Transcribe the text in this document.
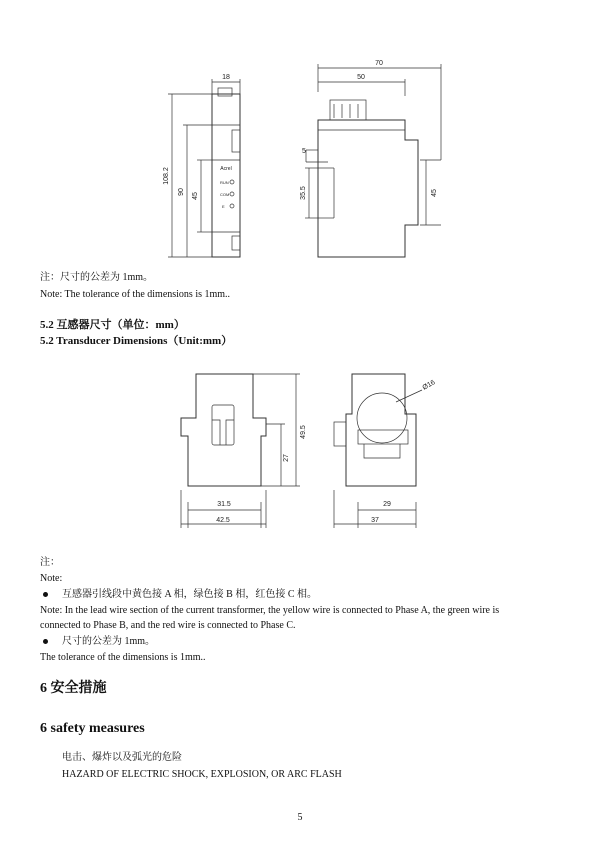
18
108.2
90
45
Acrel
RUN
COM
E
70
50
5
35.5	45
注：尺寸的公差为 1mm。
Note: The tolerance of the dimensions is 1mm..
5.2 互感器尺寸（单位：mm）
5.2 Transducer Dimensions（Unit:mm）
49.5
27
31.5
42.5
Ø16
29
37
注：
Note:
互感器引线段中黄色接 A 相，绿色接 B 相，红色接 C 相。
Note: In the lead wire section of the current transformer, the yellow wire is connected to Phase A, the green wire is
connected to Phase B, and the red wire is connected to Phase C.
尺寸的公差为 1mm。
The tolerance of the dimensions is 1mm..
6 安全措施
6 safety measures
电击、爆炸以及弧光的危险
HAZARD OF ELECTRIC SHOCK, EXPLOSION, OR ARC FLASH
5
